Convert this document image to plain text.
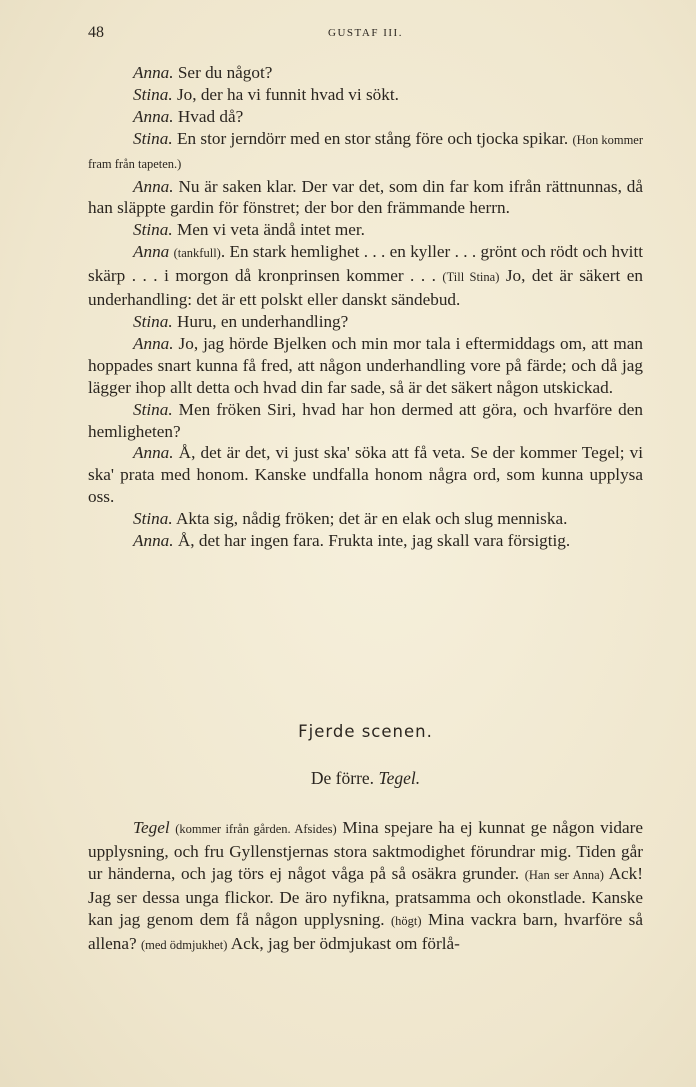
48	GUSTAF III.

Anna. Ser du något?

Stina. Jo, der ha vi funnit hvad vi sökt.

Anna. Hvad då?

Stina. En stor jerndörr med en stor stång före och tjocka spikar. (Hon kommer fram från tapeten.)

Anna. Nu är saken klar. Der var det, som din far kom ifrån rättnunnas, då han släppte gardin för fönstret; der bor den främmande herrn.

Stina. Men vi veta ändå intet mer.

Anna (tankfull). En stark hemlighet . . . en kyller . . . grönt och rödt och hvitt skärp . . . i morgon då kronprinsen kommer . . . (Till Stina) Jo, det är säkert en underhandling: det är ett polskt eller danskt sändebud.

Stina. Huru, en underhandling?

Anna. Jo, jag hörde Bjelken och min mor tala i eftermiddags om, att man hoppades snart kunna få fred, att någon underhandling vore på färde; och då jag lägger ihop allt detta och hvad din far sade, så är det säkert någon utskickad.

Stina. Men fröken Siri, hvad har hon dermed att göra, och hvarföre den hemligheten?

Anna. Å, det är det, vi just ska' söka att få veta. Se der kommer Tegel; vi ska' prata med honom. Kanske undfalla honom några ord, som kunna upplysa oss.

Stina. Akta sig, nådig fröken; det är en elak och slug menniska.

Anna. Å, det har ingen fara. Frukta inte, jag skall vara försigtig.

Fjerde scenen.
De förre. Tegel.

Tegel (kommer ifrån gården. Afsides) Mina spejare ha ej kunnat ge någon vidare upplysning, och fru Gyllenstjernas stora saktmodighet förundrar mig. Tiden går ur händerna, och jag törs ej något våga på så osäkra grunder. (Han ser Anna) Ack! Jag ser dessa unga flickor. De äro nyfikna, pratsamma och okonstlade. Kanske kan jag genom dem få någon upplysning. (högt) Mina vackra barn, hvarföre så allena? (med ödmjukhet) Ack, jag ber ödmjukast om förlå-
